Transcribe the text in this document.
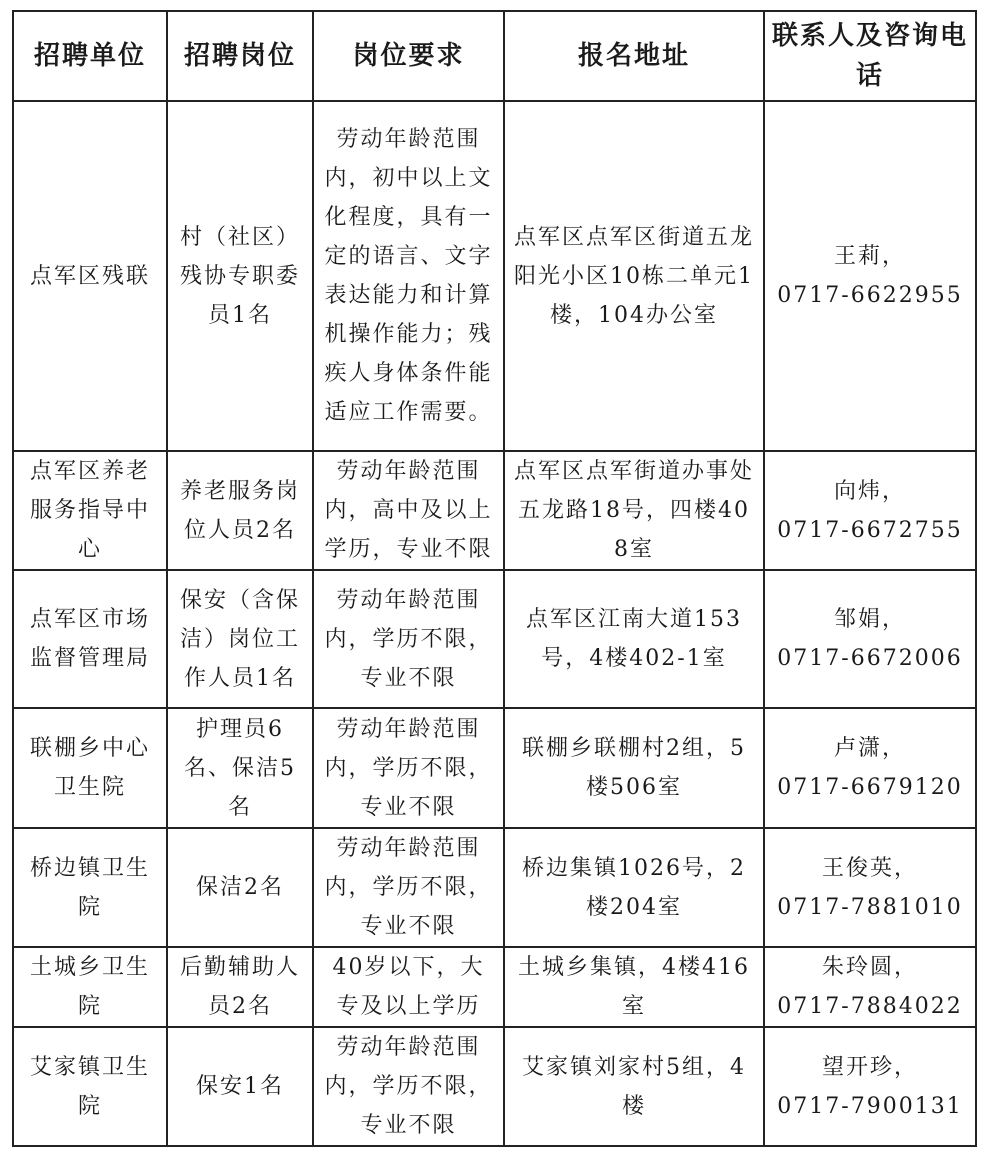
招聘单位	招聘岗位	岗位要求	报名地址	联系人及咨询电话
点军区残联	村（社区）残协专职委员1名	劳动年龄范围内，初中以上文化程度，具有一定的语言、文字表达能力和计算机操作能力；残疾人身体条件能适应工作需要。	点军区点军区街道五龙阳光小区10栋二单元1楼，104办公室	王莉，
0717-6622955

点军区养老服务指导中心	养老服务岗位人员2名	劳动年龄范围内，高中及以上学历，专业不限	点军区点军街道办事处五龙路18号，四楼408室	向炜，
0717-6672755

点军区市场监督管理局	保安（含保洁）岗位工作人员1名	劳动年龄范围内，学历不限，专业不限	点军区江南大道153号，4楼402-1室	邹娟，
0717-6672006

联棚乡中心卫生院	护理员6名、保洁5名	劳动年龄范围内，学历不限，专业不限	联棚乡联棚村2组，5楼506室	卢潇，
0717-6679120

桥边镇卫生院	保洁2名	劳动年龄范围内，学历不限，专业不限	桥边集镇1026号，2楼204室	王俊英，
0717-7881010

土城乡卫生院	后勤辅助人员2名	40岁以下，大专及以上学历	土城乡集镇，4楼416室	朱玲圆，
0717-7884022

艾家镇卫生院	保安1名	劳动年龄范围内，学历不限，专业不限	艾家镇刘家村5组，4楼	望开珍，
0717-7900131
